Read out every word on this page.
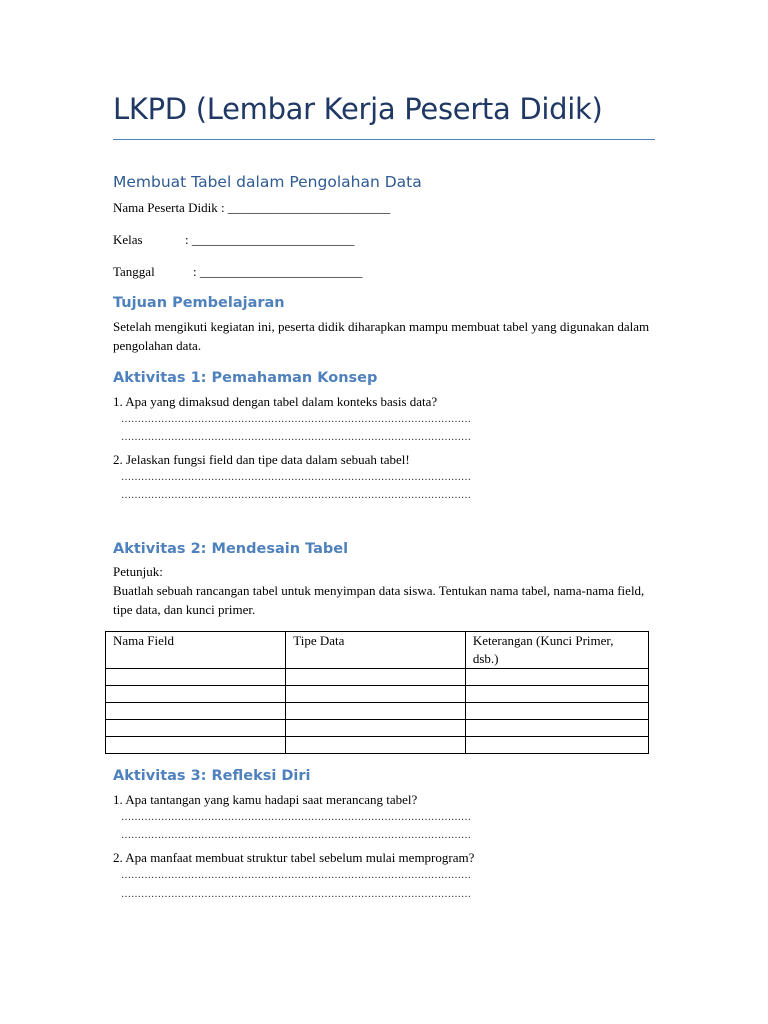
LKPD (Lembar Kerja Peserta Didik)
Membuat Tabel dalam Pengolahan Data
Nama Peserta Didik : _________________________
Kelas	: _________________________
Tanggal	: _________________________
Tujuan Pembelajaran
Setelah mengikuti kegiatan ini, peserta didik diharapkan mampu membuat tabel yang digunakan dalam pengolahan data.
Aktivitas 1: Pemahaman Konsep
1. Apa yang dimaksud dengan tabel dalam konteks basis data?
……………………………………………………………………………………………
……………………………………………………………………………………………
2. Jelaskan fungsi field dan tipe data dalam sebuah tabel!
……………………………………………………………………………………………
……………………………………………………………………………………………
Aktivitas 2: Mendesain Tabel
Petunjuk:
Buatlah sebuah rancangan tabel untuk menyimpan data siswa. Tentukan nama tabel, nama-nama field, tipe data, dan kunci primer.
Nama Field	Tipe Data	Keterangan (Kunci Primer, dsb.)

Aktivitas 3: Refleksi Diri
1. Apa tantangan yang kamu hadapi saat merancang tabel?
……………………………………………………………………………………………
……………………………………………………………………………………………
2. Apa manfaat membuat struktur tabel sebelum mulai memprogram?
……………………………………………………………………………………………
……………………………………………………………………………………………
